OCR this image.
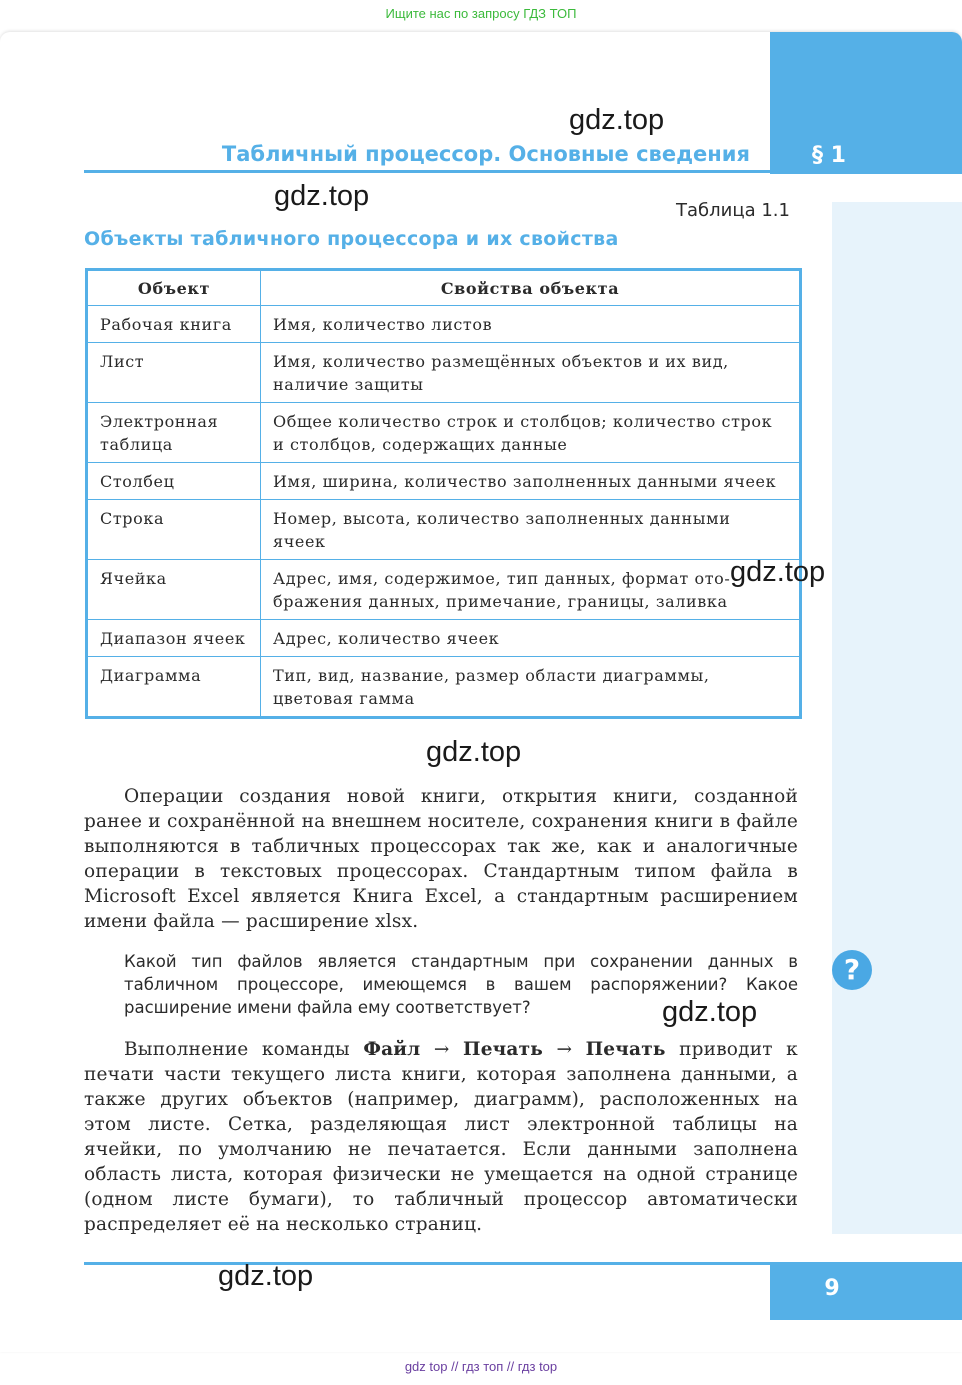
Ищите нас по запросу ГДЗ ТОП
§ 1
Табличный процессор. Основные сведения
gdz.top
gdz.top	Таблица 1.1
Объекты табличного процессора и их свойства
Объект	Свойства объекта
Рабочая книга	Имя, количество листов
Лист	Имя, количество размещённых объектов и их вид, наличие защиты
Электронная таблица	Общее количество строк и столбцов; количество строк и столбцов, содержащих данные
Столбец	Имя, ширина, количество заполненных данными ячеек
Строка	Номер, высота, количество заполненных данными ячеек
Ячейка	Адрес, имя, содержимое, тип данных, формат ото-бражения данных, примечание, границы, заливка
Диапазон ячеек	Адрес, количество ячеек
Диаграмма	Тип, вид, название, размер области диаграммы, цветовая гамма
gdz.top
gdz.top
Операции создания новой книги, открытия книги, созданной ранее и сохранённой на внешнем носителе, сохранения книги в файле выполняются в табличных процессорах так же, как и аналогичные операции в текстовых процессорах. Стандартным типом файла в Microsoft Excel является Книга Excel, а стандартным расширением имени файла — расширение xlsx.
Какой тип файлов является стандартным при сохранении данных в табличном процессоре, имеющемся в вашем распоряжении? Какое расширение имени файла ему соответствует?
?
gdz.top
Выполнение команды Файл → Печать → Печать приводит к печати части текущего листа книги, которая заполнена данными, а также других объектов (например, диаграмм), расположенных на этом листе. Сетка, разделяющая лист электронной таблицы на ячейки, по умолчанию не печатается. Если данными заполнена область листа, которая физически не умещается на одной странице (одном листе бумаги), то табличный процессор автоматически распределяет её на несколько страниц.
9
gdz.top
gdz top // гдз топ // гдз top
